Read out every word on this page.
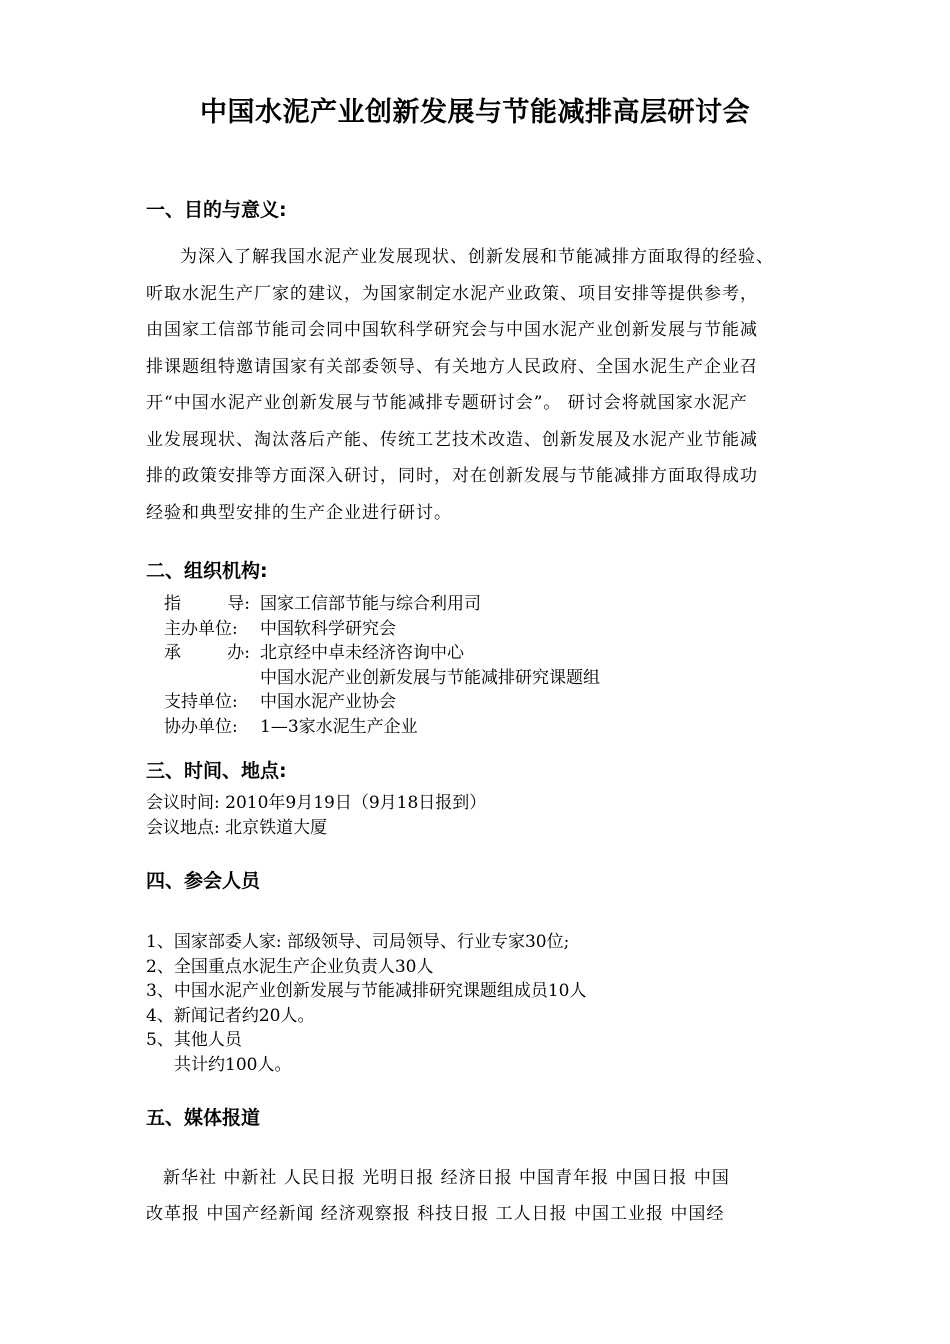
中国水泥产业创新发展与节能减排高层研讨会
一、目的与意义:

为深入了解我国水泥产业发展现状、创新发展和节能减排方面取得的经验、

听取水泥生产厂家的建议，为国家制定水泥产业政策、项目安排等提供参考，

由国家工信部节能司会同中国软科学研究会与中国水泥产业创新发展与节能减

排课题组特邀请国家有关部委领导、有关地方人民政府、全国水泥生产企业召

开“中国水泥产业创新发展与节能减排专题研讨会”。 研讨会将就国家水泥产

业发展现状、淘汰落后产能、传统工艺技术改造、创新发展及水泥产业节能减

排的政策安排等方面深入研讨，同时，对在创新发展与节能减排方面取得成功

经验和典型安排的生产企业进行研讨。

二、组织机构:
指	导: 国家工信部节能与综合利用司
主办单位:	中国软科学研究会
承	办: 北京经中卓未经济咨询中心
中国水泥产业创新发展与节能减排研究课题组
支持单位:	中国水泥产业协会
协办单位:	1—3家水泥生产企业
三、时间、地点:

会议时间: 2010年9月19日（9月18日报到）

会议地点: 北京铁道大厦

四、参会人员

1、国家部委人家: 部级领导、司局领导、行业专家30位;

2、全国重点水泥生产企业负责人30人

3、中国水泥产业创新发展与节能减排研究课题组成员10人

4、新闻记者约20人。

5、其他人员

共计约100人。

五、媒体报道

新华社 中新社 人民日报 光明日报 经济日报 中国青年报 中国日报 中国

改革报 中国产经新闻 经济观察报 科技日报 工人日报 中国工业报 中国经
